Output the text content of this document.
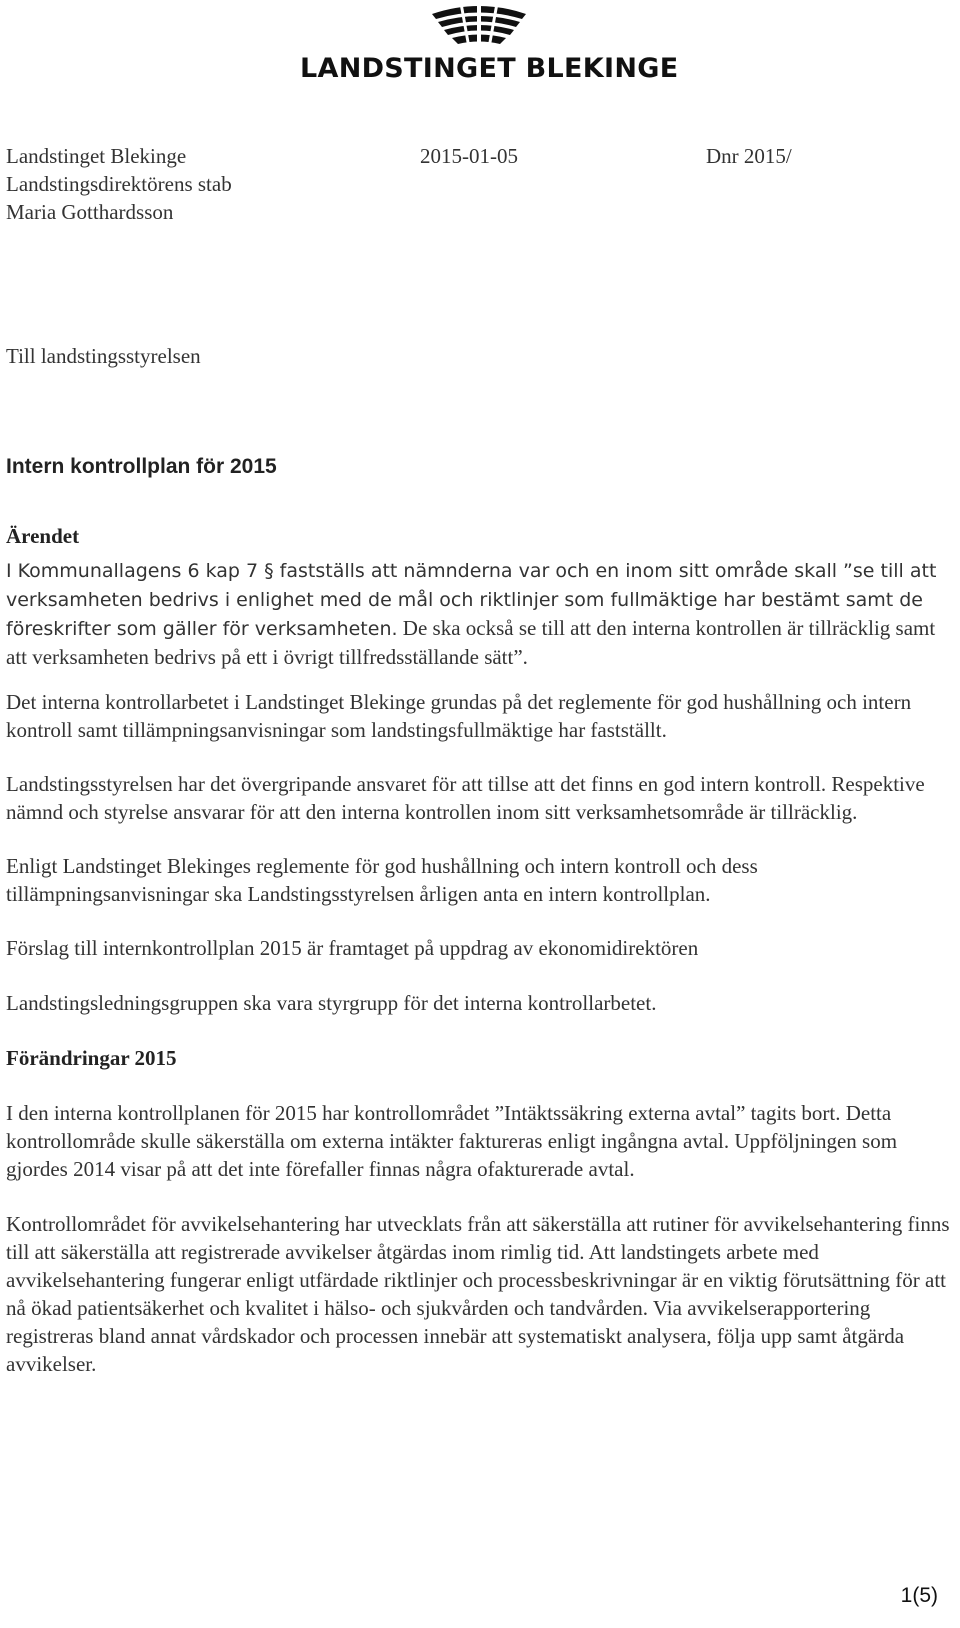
LANDSTINGET BLEKINGE
Landstinget Blekinge	2015-01-05	Dnr 2015/
Landstingsdirektörens stab
Maria Gotthardsson
Till landstingsstyrelsen
Intern kontrollplan för 2015
Ärendet

I Kommunallagens 6 kap 7 § fastställs att nämnderna var och en inom sitt område skall ”se till att verksamheten bedrivs i enlighet med de mål och riktlinjer som fullmäktige har bestämt samt de föreskrifter som gäller för verksamheten. De ska också se till att den interna kontrollen är tillräcklig samt att verksamheten bedrivs på ett i övrigt tillfredsställande sätt”.

Det interna kontrollarbetet i Landstinget Blekinge grundas på det reglemente för god hushållning och intern kontroll samt tillämpningsanvisningar som landstingsfullmäktige har fastställt.

Landstingsstyrelsen har det övergripande ansvaret för att tillse att det finns en god intern kontroll. Respektive nämnd och styrelse ansvarar för att den interna kontrollen inom sitt verksamhetsområde är tillräcklig.

Enligt Landstinget Blekinges reglemente för god hushållning och intern kontroll och dess tillämpningsanvisningar ska Landstingsstyrelsen årligen anta en intern kontrollplan.

Förslag till internkontrollplan 2015 är framtaget på uppdrag av ekonomidirektören

Landstingsledningsgruppen ska vara styrgrupp för det interna kontrollarbetet.

Förändringar 2015

I den interna kontrollplanen för 2015 har kontrollområdet ”Intäktssäkring externa avtal” tagits bort. Detta kontrollområde skulle säkerställa om externa intäkter faktureras enligt ingångna avtal. Uppföljningen som gjordes 2014 visar på att det inte förefaller finnas några ofakturerade avtal.

Kontrollområdet för avvikelsehantering har utvecklats från att säkerställa att rutiner för avvikelsehantering finns till att säkerställa att registrerade avvikelser åtgärdas inom rimlig tid. Att landstingets arbete med avvikelsehantering fungerar enligt utfärdade riktlinjer och processbeskrivningar är en viktig förutsättning för att nå ökad patientsäkerhet och kvalitet i hälso- och sjukvården och tandvården. Via avvikelserapportering registreras bland annat vårdskador och processen innebär att systematiskt analysera, följa upp samt åtgärda avvikelser.

1(5)
